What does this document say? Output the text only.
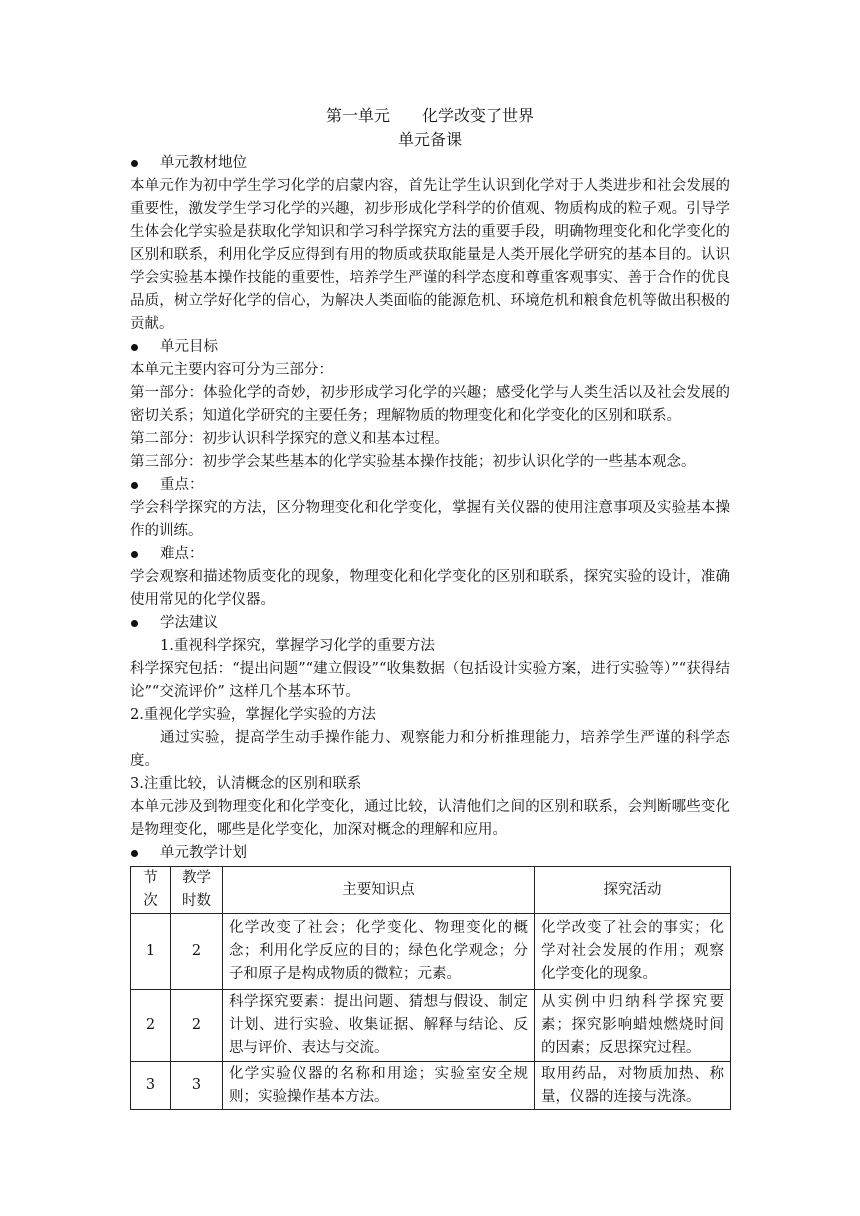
第一单元　　化学改变了世界
单元备课

单元教材地位

本单元作为初中学生学习化学的启蒙内容，首先让学生认识到化学对于人类进步和社会发展的重要性，激发学生学习化学的兴趣，初步形成化学科学的价值观、物质构成的粒子观。引导学生体会化学实验是获取化学知识和学习科学探究方法的重要手段，明确物理变化和化学变化的区别和联系，利用化学反应得到有用的物质或获取能量是人类开展化学研究的基本目的。认识学会实验基本操作技能的重要性，培养学生严谨的科学态度和尊重客观事实、善于合作的优良品质，树立学好化学的信心，为解决人类面临的能源危机、环境危机和粮食危机等做出积极的贡献。

单元目标

本单元主要内容可分为三部分：

第一部分：体验化学的奇妙，初步形成学习化学的兴趣；感受化学与人类生活以及社会发展的密切关系；知道化学研究的主要任务；理解物质的物理变化和化学变化的区别和联系。

第二部分：初步认识科学探究的意义和基本过程。

第三部分：初步学会某些基本的化学实验基本操作技能；初步认识化学的一些基本观念。

重点：

学会科学探究的方法，区分物理变化和化学变化，掌握有关仪器的使用注意事项及实验基本操作的训练。

难点：

学会观察和描述物质变化的现象，物理变化和化学变化的区别和联系，探究实验的设计，准确使用常见的化学仪器。

学法建议

1.重视科学探究，掌握学习化学的重要方法

科学探究包括：“提出问题”“建立假设”“收集数据（包括设计实验方案，进行实验等）”“获得结论”“交流评价” 这样几个基本环节。

2.重视化学实验，掌握化学实验的方法

通过实验，提高学生动手操作能力、观察能力和分析推理能力，培养学生严谨的科学态度。

3.注重比较，认清概念的区别和联系

本单元涉及到物理变化和化学变化，通过比较，认清他们之间的区别和联系，会判断哪些变化是物理变化，哪些是化学变化，加深对概念的理解和应用。

单元教学计划

节次	教学时数	主要知识点	探究活动
1	2	化学改变了社会；化学变化、物理变化的概念；利用化学反应的目的；绿色化学观念；分子和原子是构成物质的微粒；元素。	化学改变了社会的事实；化学对社会发展的作用；观察化学变化的现象。
2	2	科学探究要素：提出问题、猜想与假设、制定计划、进行实验、收集证据、解释与结论、反思与评价、表达与交流。	从实例中归纳科学探究要素；探究影响蜡烛燃烧时间的因素；反思探究过程。
3	3	化学实验仪器的名称和用途；实验室安全规则；实验操作基本方法。	取用药品，对物质加热、称量，仪器的连接与洗涤。
